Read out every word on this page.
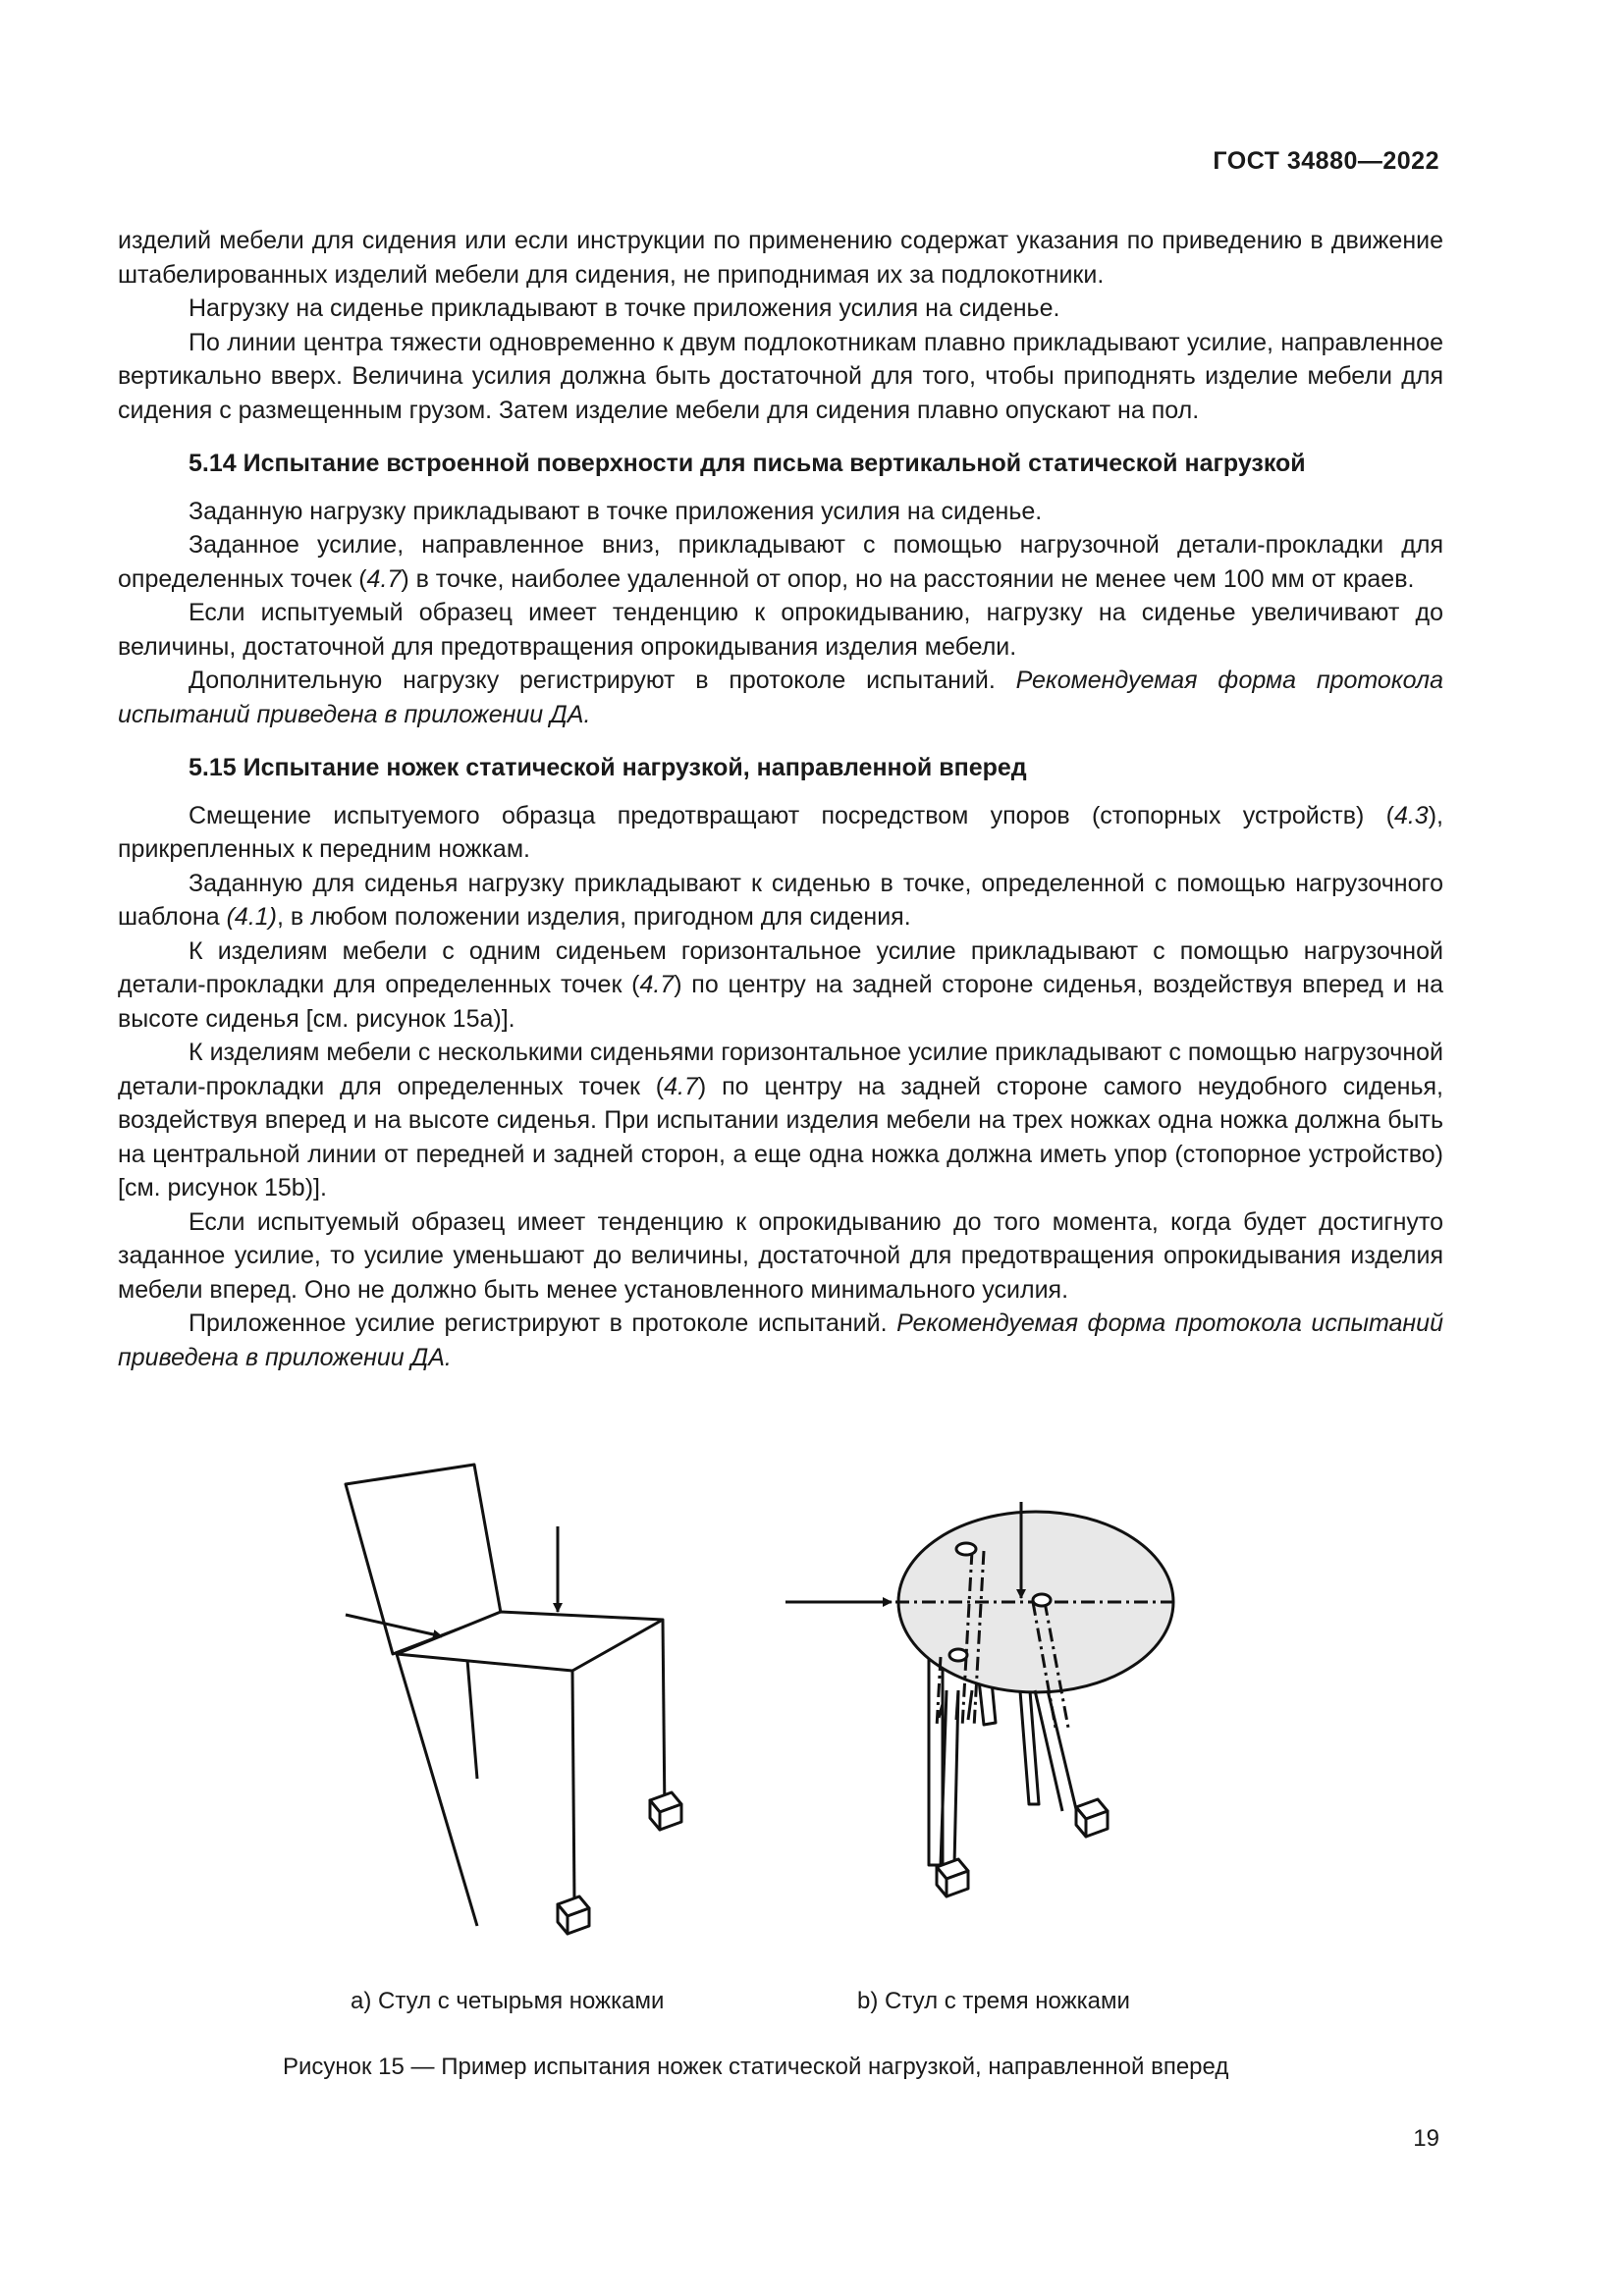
ГОСТ 34880—2022

изделий мебели для сидения или если инструкции по применению содержат указания по приведению в движение штабелированных изделий мебели для сидения, не приподнимая их за подлокотники.

Нагрузку на сиденье прикладывают в точке приложения усилия на сиденье.

По линии центра тяжести одновременно к двум подлокотникам плавно прикладывают усилие, направленное вертикально вверх. Величина усилия должна быть достаточной для того, чтобы приподнять изделие мебели для сидения с размещенным грузом. Затем изделие мебели для сидения плавно опускают на пол.

5.14 Испытание встроенной поверхности для письма вертикальной статической нагрузкой

Заданную нагрузку прикладывают в точке приложения усилия на сиденье.

Заданное усилие, направленное вниз, прикладывают с помощью нагрузочной детали-прокладки для определенных точек (4.7) в точке, наиболее удаленной от опор, но на расстоянии не менее чем 100 мм от краев.

Если испытуемый образец имеет тенденцию к опрокидыванию, нагрузку на сиденье увеличивают до величины, достаточной для предотвращения опрокидывания изделия мебели.

Дополнительную нагрузку регистрируют в протоколе испытаний. Рекомендуемая форма протокола испытаний приведена в приложении ДА.

5.15 Испытание ножек статической нагрузкой, направленной вперед

Смещение испытуемого образца предотвращают посредством упоров (стопорных устройств) (4.3), прикрепленных к передним ножкам.

Заданную для сиденья нагрузку прикладывают к сиденью в точке, определенной с помощью нагрузочного шаблона (4.1), в любом положении изделия, пригодном для сидения.

К изделиям мебели с одним сиденьем горизонтальное усилие прикладывают с помощью нагрузочной детали-прокладки для определенных точек (4.7) по центру на задней стороне сиденья, воздействуя вперед и на высоте сиденья [см. рисунок 15а)].

К изделиям мебели с несколькими сиденьями горизонтальное усилие прикладывают с помощью нагрузочной детали-прокладки для определенных точек (4.7) по центру на задней стороне самого неудобного сиденья, воздействуя вперед и на высоте сиденья. При испытании изделия мебели на трех ножках одна ножка должна быть на центральной линии от передней и задней сторон, а еще одна ножка должна иметь упор (стопорное устройство) [см. рисунок 15b)].

Если испытуемый образец имеет тенденцию к опрокидыванию до того момента, когда будет достигнуто заданное усилие, то усилие уменьшают до величины, достаточной для предотвращения опрокидывания изделия мебели вперед. Оно не должно быть менее установленного минимального усилия.

Приложенное усилие регистрируют в протоколе испытаний. Рекомендуемая форма протокола испытаний приведена в приложении ДА.

a) Стул с четырьмя ножками	b) Стул с тремя ножками
Рисунок 15 — Пример испытания ножек статической нагрузкой, направленной вперед
19
